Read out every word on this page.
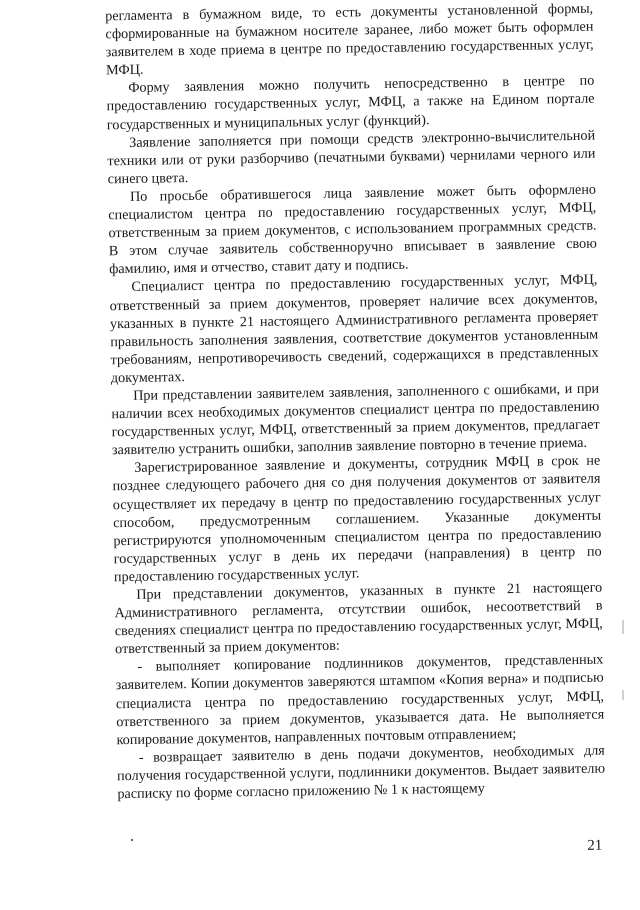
регламента в бумажном виде, то есть документы установленной формы, сформированные на бумажном носителе заранее, либо может быть оформлен заявителем в ходе приема в центре по предоставлению государственных услуг, МФЦ.

Форму заявления можно получить непосредственно в центре по предоставлению государственных услуг, МФЦ, а также на Едином портале государственных и муниципальных услуг (функций).

Заявление заполняется при помощи средств электронно-вычислительной техники или от руки разборчиво (печатными буквами) чернилами черного или синего цвета.

По просьбе обратившегося лица заявление может быть оформлено специалистом центра по предоставлению государственных услуг, МФЦ, ответственным за прием документов, с использованием программных средств. В этом случае заявитель собственноручно вписывает в заявление свою фамилию, имя и отчество, ставит дату и подпись.

Специалист центра по предоставлению государственных услуг, МФЦ, ответственный за прием документов, проверяет наличие всех документов, указанных в пункте 21 настоящего Административного регламента проверяет правильность заполнения заявления, соответствие документов установленным требованиям, непротиворечивость сведений, содержащихся в представленных документах.

При представлении заявителем заявления, заполненного с ошибками, и при наличии всех необходимых документов специалист центра по предоставлению государственных услуг, МФЦ, ответственный за прием документов, предлагает заявителю устранить ошибки, заполнив заявление повторно в течение приема.

Зарегистрированное заявление и документы, сотрудник МФЦ в срок не позднее следующего рабочего дня со дня получения документов от заявителя осуществляет их передачу в центр по предоставлению государственных услуг способом, предусмотренным соглашением. Указанные документы регистрируются уполномоченным специалистом центра по предоставлению государственных услуг в день их передачи (направления) в центр по предоставлению государственных услуг.

При представлении документов, указанных в пункте 21 настоящего Административного регламента, отсутствии ошибок, несоответствий в сведениях специалист центра по предоставлению государственных услуг, МФЦ, ответственный за прием документов:

- выполняет копирование подлинников документов, представленных заявителем. Копии документов заверяются штампом «Копия верна» и подписью специалиста центра по предоставлению государственных услуг, МФЦ, ответственного за прием документов, указывается дата. Не выполняется копирование документов, направленных почтовым отправлением;

- возвращает заявителю в день подачи документов, необходимых для получения государственной услуги, подлинники документов. Выдает заявителю расписку по форме согласно приложению № 1 к настоящему

21
